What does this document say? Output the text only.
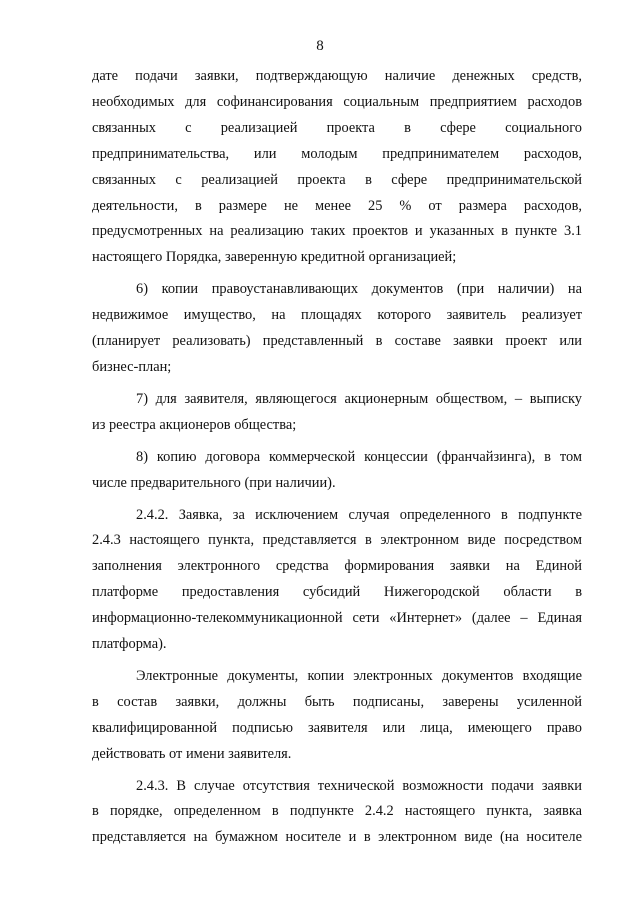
8

дате подачи заявки, подтверждающую наличие денежных средств,
необходимых для софинансирования социальным предприятием расходов
связанных с реализацией проекта в сфере социального
предпринимательства, или молодым предпринимателем расходов,
связанных с реализацией проекта в сфере предпринимательской
деятельности, в размере не менее 25 % от размера расходов,
предусмотренных на реализацию таких проектов и указанных в пункте 3.1
настоящего Порядка, заверенную кредитной организацией;

6) копии правоустанавливающих документов (при наличии) на
недвижимое имущество, на площадях которого заявитель реализует
(планирует реализовать) представленный в составе заявки проект или
бизнес-план;

7) для заявителя, являющегося акционерным обществом, – выписку
из реестра акционеров общества;

8) копию договора коммерческой концессии (франчайзинга), в том
числе предварительного (при наличии).

2.4.2. Заявка, за исключением случая определенного в подпункте
2.4.3 настоящего пункта, представляется в электронном виде посредством
заполнения электронного средства формирования заявки на Единой
платформе предоставления субсидий Нижегородской области в
информационно-телекоммуникационной сети «Интернет» (далее – Единая
платформа).

Электронные документы, копии электронных документов входящие
в состав заявки, должны быть подписаны, заверены усиленной
квалифицированной подписью заявителя или лица, имеющего право
действовать от имени заявителя.

2.4.3. В случае отсутствия технической возможности подачи заявки
в порядке, определенном в подпункте 2.4.2 настоящего пункта, заявка
представляется на бумажном носителе и в электронном виде (на носителе
